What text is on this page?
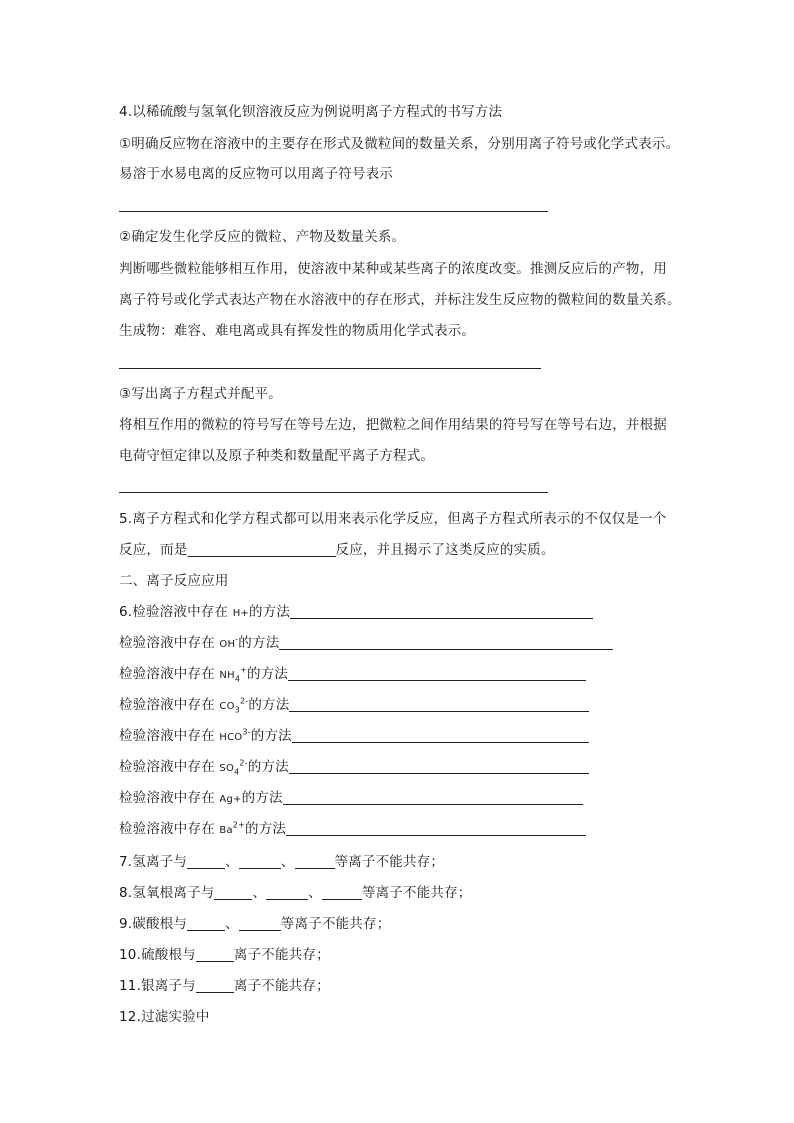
4.以稀硫酸与氢氧化钡溶液反应为例说明离子方程式的书写方法
①明确反应物在溶液中的主要存在形式及微粒间的数量关系，分别用离子符号或化学式表示。
易溶于水易电离的反应物可以用离子符号表示
②确定发生化学反应的微粒、产物及数量关系。
判断哪些微粒能够相互作用，使溶液中某种或某些离子的浓度改变。推测反应后的产物，用
离子符号或化学式表达产物在水溶液中的存在形式，并标注发生反应物的微粒间的数量关系。
生成物：难容、难电离或具有挥发性的物质用化学式表示。
③写出离子方程式并配平。
将相互作用的微粒的符号写在等号左边，把微粒之间作用结果的符号写在等号右边，并根据
电荷守恒定律以及原子种类和数量配平离子方程式。
5.离子方程式和化学方程式都可以用来表示化学反应，但离子方程式所表示的不仅仅是一个
反应，而是	反应，并且揭示了这类反应的实质。
二、离子反应应用
6.检验溶液中存在 H+的方法
检验溶液中存在 OH-的方法
检验溶液中存在 $NH_4^+$的方法
检验溶液中存在 $CO_3^{2-}$的方法
检验溶液中存在 $HCO^{3-}$的方法
检验溶液中存在 $SO_4^{2-}$的方法
检验溶液中存在 Ag+的方法
检验溶液中存在 $Ba^{2+}$的方法
7.氢离子与	、	、	等离子不能共存；
8.氢氧根离子与	、	、	等离子不能共存；
9.碳酸根与	、	等离子不能共存；
10.硫酸根与	离子不能共存；
11.银离子与	离子不能共存；
12.过滤实验中
